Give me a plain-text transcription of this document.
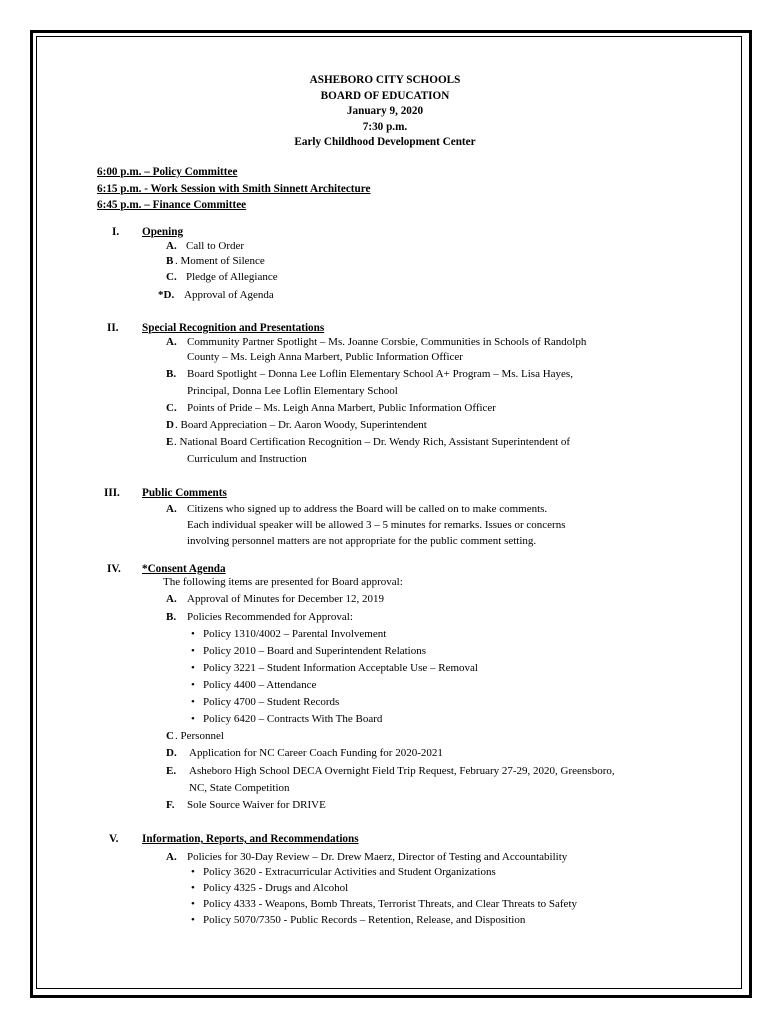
ASHEBORO CITY SCHOOLS
BOARD OF EDUCATION
January 9, 2020
7:30 p.m.
Early Childhood Development Center
6:00 p.m. – Policy Committee
6:15 p.m. - Work Session with Smith Sinnett Architecture
6:45 p.m. – Finance Committee
I. Opening
A. Call to Order
B . Moment of Silence
C. Pledge of Allegiance
*D. Approval of Agenda
II. Special Recognition and Presentations
A. Community Partner Spotlight – Ms. Joanne Corsbie, Communities in Schools of Randolph
County – Ms. Leigh Anna Marbert, Public Information Officer
B. Board Spotlight – Donna Lee Loflin Elementary School A+ Program – Ms. Lisa Hayes,
Principal, Donna Lee Loflin Elementary School
C. Points of Pride – Ms. Leigh Anna Marbert, Public Information Officer
D . Board Appreciation – Dr. Aaron Woody, Superintendent
E . National Board Certification Recognition – Dr. Wendy Rich, Assistant Superintendent of
Curriculum and Instruction
III. Public Comments
A. Citizens who signed up to address the Board will be called on to make comments.
Each individual speaker will be allowed 3 – 5 minutes for remarks. Issues or concerns
involving personnel matters are not appropriate for the public comment setting.
IV. *Consent Agenda
The following items are presented for Board approval:
A. Approval of Minutes for December 12, 2019
B. Policies Recommended for Approval:
• Policy 1310/4002 – Parental Involvement
• Policy 2010 – Board and Superintendent Relations
• Policy 3221 – Student Information Acceptable Use – Removal
• Policy 4400 – Attendance
• Policy 4700 – Student Records
• Policy 6420 – Contracts With The Board
C . Personnel
D. Application for NC Career Coach Funding for 2020-2021
E. Asheboro High School DECA Overnight Field Trip Request, February 27-29, 2020, Greensboro,
NC, State Competition
F. Sole Source Waiver for DRIVE
V. Information, Reports, and Recommendations
A. Policies for 30-Day Review – Dr. Drew Maerz, Director of Testing and Accountability
• Policy 3620 - Extracurricular Activities and Student Organizations
• Policy 4325 - Drugs and Alcohol
• Policy 4333 - Weapons, Bomb Threats, Terrorist Threats, and Clear Threats to Safety
• Policy 5070/7350 - Public Records – Retention, Release, and Disposition
